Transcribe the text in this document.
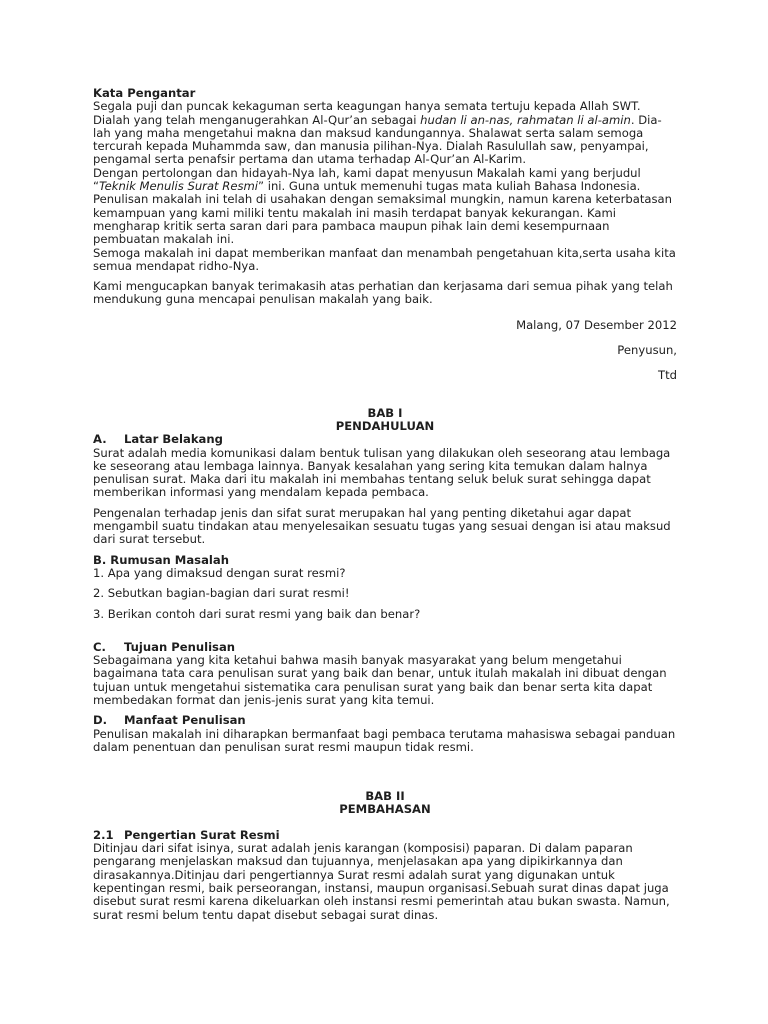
Kata Pengantar

Segala puji dan puncak kekaguman serta keagungan hanya semata tertuju kepada Allah SWT. Dialah yang telah menganugerahkan Al-Qur’an sebagai hudan li an-nas, rahmatan li al-amin. Dia-lah yang maha mengetahui makna dan maksud kandungannya. Shalawat serta salam semoga tercurah kepada Muhammda saw, dan manusia pilihan-Nya. Dialah Rasulullah saw, penyampai, pengamal serta penafsir pertama dan utama terhadap Al-Qur’an Al-Karim.

Dengan pertolongan dan hidayah-Nya lah, kami dapat menyusun Makalah kami yang berjudul “Teknik Menulis Surat Resmi” ini. Guna untuk memenuhi tugas mata kuliah Bahasa Indonesia.

Penulisan makalah ini telah di usahakan dengan semaksimal mungkin, namun karena keterbatasan kemampuan yang kami miliki tentu makalah ini masih terdapat banyak kekurangan. Kami mengharap kritik serta saran dari para pambaca maupun pihak lain demi kesempurnaan pembuatan makalah ini.

Semoga makalah ini dapat memberikan manfaat dan menambah pengetahuan kita,serta usaha kita semua mendapat ridho-Nya.

Kami mengucapkan banyak terimakasih atas perhatian dan kerjasama dari semua pihak yang telah mendukung guna mencapai penulisan makalah yang baik.

Malang, 07 Desember 2012

Penyusun,

Ttd

BAB I

PENDAHULUAN

A. Latar Belakang

Surat adalah media komunikasi dalam bentuk tulisan yang dilakukan oleh seseorang atau lembaga ke seseorang atau lembaga lainnya. Banyak kesalahan yang sering kita temukan dalam halnya penulisan surat. Maka dari itu makalah ini membahas tentang seluk beluk surat sehingga dapat memberikan informasi yang mendalam kepada pembaca.

Pengenalan terhadap jenis dan sifat surat merupakan hal yang penting diketahui agar dapat mengambil suatu tindakan atau menyelesaikan sesuatu tugas yang sesuai dengan isi atau maksud dari surat tersebut.

B. Rumusan Masalah

1. Apa yang dimaksud dengan surat resmi?

2. Sebutkan bagian-bagian dari surat resmi!

3. Berikan contoh dari surat resmi yang baik dan benar?

C. Tujuan Penulisan

Sebagaimana yang kita ketahui bahwa masih banyak masyarakat yang belum mengetahui bagaimana tata cara penulisan surat yang baik dan benar, untuk itulah makalah ini dibuat dengan tujuan untuk mengetahui sistematika cara penulisan surat yang baik dan benar serta kita dapat membedakan format dan jenis-jenis surat yang kita temui.

D. Manfaat Penulisan

Penulisan makalah ini diharapkan bermanfaat bagi pembaca terutama mahasiswa sebagai panduan dalam penentuan dan penulisan surat resmi maupun tidak resmi.

BAB II

PEMBAHASAN

2.1 Pengertian Surat Resmi

Ditinjau dari sifat isinya, surat adalah jenis karangan (komposisi) paparan. Di dalam paparan pengarang menjelaskan maksud dan tujuannya, menjelasakan apa yang dipikirkannya dan dirasakannya.Ditinjau dari pengertiannya Surat resmi adalah surat yang digunakan untuk kepentingan resmi, baik perseorangan, instansi, maupun organisasi.Sebuah surat dinas dapat juga disebut surat resmi karena dikeluarkan oleh instansi resmi pemerintah atau bukan swasta. Namun, surat resmi belum tentu dapat disebut sebagai surat dinas.
